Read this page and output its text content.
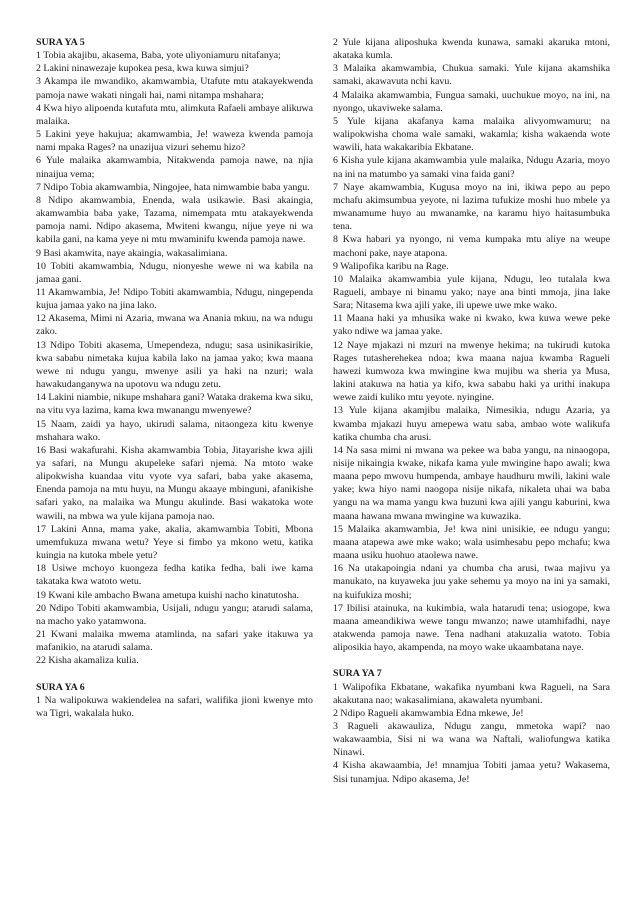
SURA YA 5

1 Tobia akajibu, akasema, Baba, yote uliyoniamuru nitafanya;

2 Lakini ninawezaje kupokea pesa, kwa kuwa simjui?

3 Akampa ile mwandiko, akamwambia, Utafute mtu atakayekwenda pamoja nawe wakati ningali hai, nami nitampa mshahara;

4 Kwa hiyo alipoenda kutafuta mtu, alimkuta Rafaeli ambaye alikuwa malaika.

5 Lakini yeye hakujua; akamwambia, Je! waweza kwenda pamoja nami mpaka Rages? na unazijua vizuri sehemu hizo?

6 Yule malaika akamwambia, Nitakwenda pamoja nawe, na njia ninaijua vema;

7 Ndipo Tobia akamwambia, Ningojee, hata nimwambie baba yangu.

8 Ndipo akamwambia, Enenda, wala usikawie. Basi akaingia, akamwambia baba yake, Tazama, nimempata mtu atakayekwenda pamoja nami. Ndipo akasema, Mwiteni kwangu, nijue yeye ni wa kabila gani, na kama yeye ni mtu mwaminifu kwenda pamoja nawe.

9 Basi akamwita, naye akaingia, wakasalimiana.

10 Tobiti akamwambia, Ndugu, nionyeshe wewe ni wa kabila na jamaa gani.

11 Akamwambia, Je! Ndipo Tobiti akamwambia, Ndugu, ningependa kujua jamaa yako na jina lako.

12 Akasema, Mimi ni Azaria, mwana wa Anania mkuu, na wa ndugu zako.

13 Ndipo Tobiti akasema, Umependeza, ndugu; sasa usinikasirikie, kwa sababu nimetaka kujua kabila lako na jamaa yako; kwa maana wewe ni ndugu yangu, mwenye asili ya haki na nzuri; wala hawakudanganywa na upotovu wa ndugu zetu.

14 Lakini niambie, nikupe mshahara gani? Wataka drakema kwa siku, na vitu vya lazima, kama kwa mwanangu mwenyewe?

15 Naam, zaidi ya hayo, ukirudi salama, nitaongeza kitu kwenye mshahara wako.

16 Basi wakafurahi. Kisha akamwambia Tobia, Jitayarishe kwa ajili ya safari, na Mungu akupeleke safari njema. Na mtoto wake alipokwisha kuandaa vitu vyote vya safari, baba yake akasema, Enenda pamoja na mtu huyu, na Mungu akaaye mbinguni, afanikishe safari yako, na malaika wa Mungu akulinde. Basi wakatoka wote wawili, na mbwa wa yule kijana pamoja nao.

17 Lakini Anna, mama yake, akalia, akamwambia Tobiti, Mbona umemfukuza mwana wetu? Yeye si fimbo ya mkono wetu, katika kuingia na kutoka mbele yetu?

18 Usiwe mchoyo kuongeza fedha katika fedha, bali iwe kama takataka kwa watoto wetu.

19 Kwani kile ambacho Bwana ametupa kuishi nacho kinatutosha.

20 Ndipo Tobiti akamwambia, Usijali, ndugu yangu; atarudi salama, na macho yako yatamwona.

21 Kwani malaika mwema atamlinda, na safari yake itakuwa ya mafanikio, na atarudi salama.

22 Kisha akamaliza kulia.

SURA YA 6

1 Na walipokuwa wakiendelea na safari, walifika jioni kwenye mto wa Tigri, wakalala huko.

2 Yule kijana aliposhuka kwenda kunawa, samaki akaruka mtoni, akataka kumla.

3 Malaika akamwambia, Chukua samaki. Yule kijana akamshika samaki, akawavuta nchi kavu.

4 Malaika akamwambia, Fungua samaki, uuchukue moyo, na ini, na nyongo, ukaviweke salama.

5 Yule kijana akafanya kama malaika alivyomwamuru; na walipokwisha choma wale samaki, wakamla; kisha wakaenda wote wawili, hata wakakaribia Ekbatane.

6 Kisha yule kijana akamwambia yule malaika, Ndugu Azaria, moyo na ini na matumbo ya samaki vina faida gani?

7 Naye akamwambia, Kugusa moyo na ini, ikiwa pepo au pepo mchafu akimsumbua yeyote, ni lazima tufukize moshi huo mbele ya mwanamume huyo au mwanamke, na karamu hiyo haitasumbuka tena.

8 Kwa habari ya nyongo, ni vema kumpaka mtu aliye na weupe machoni pake, naye atapona.

9 Walipofika karibu na Rage.

10 Malaika akamwambia yule kijana, Ndugu, leo tutalala kwa Ragueli, ambaye ni binamu yako; naye ana binti mmoja, jina lake Sara; Nitasema kwa ajili yake, ili upewe uwe mke wako.

11 Maana haki ya mhusika wake ni kwako, kwa kuwa wewe peke yako ndiwe wa jamaa yake.

12 Naye mjakazi ni mzuri na mwenye hekima; na tukirudi kutoka Rages tutasherehekea ndoa; kwa maana najua kwamba Ragueli hawezi kumwoza kwa mwingine kwa mujibu wa sheria ya Musa, lakini atakuwa na hatia ya kifo, kwa sababu haki ya urithi inakupa wewe zaidi kuliko mtu yeyote. nyingine.

13 Yule kijana akamjibu malaika, Nimesikia, ndugu Azaria, ya kwamba mjakazi huyu amepewa watu saba, ambao wote walikufa katika chumba cha arusi.

14 Na sasa mimi ni mwana wa pekee wa baba yangu, na ninaogopa, nisije nikaingia kwake, nikafa kama yule mwingine hapo awali; kwa maana pepo mwovu humpenda, ambaye haudhuru mwili, lakini wale yake; kwa hiyo nami naogopa nisije nikafa, nikaleta uhai wa baba yangu na wa mama yangu kwa huzuni kwa ajili yangu kaburini, kwa maana hawana mwana mwingine wa kuwazika.

15 Malaika akamwambia, Je! kwa nini unisikie, ee ndugu yangu; maana atapewa awe mke wako; wala usimhesabu pepo mchafu; kwa maana usiku huohuo ataolewa nawe.

16 Na utakapoingia ndani ya chumba cha arusi, twaa majivu ya manukato, na kuyaweka juu yake sehemu ya moyo na ini ya samaki, na kuifukiza moshi;

17 Ibilisi atainuka, na kukimbia, wala hatarudi tena; usiogope, kwa maana ameandikiwa wewe tangu mwanzo; nawe utamhifadhi, naye atakwenda pamoja nawe. Tena nadhani atakuzalia watoto. Tobia aliposikia hayo, akampenda, na moyo wake ukaambatana naye.

SURA YA 7

1 Walipofika Ekbatane, wakafika nyumbani kwa Ragueli, na Sara akakutana nao; wakasalimiana, akawaleta nyumbani.

2 Ndipo Ragueli akamwambia Edna mkewe, Je!

3 Ragueli akawauliza, Ndugu zangu, mmetoka wapi? nao wakawaambia, Sisi ni wa wana wa Naftali, waliofungwa katika Ninawi.

4 Kisha akawaambia, Je! mnamjua Tobiti jamaa yetu? Wakasema, Sisi tunamjua. Ndipo akasema, Je!
